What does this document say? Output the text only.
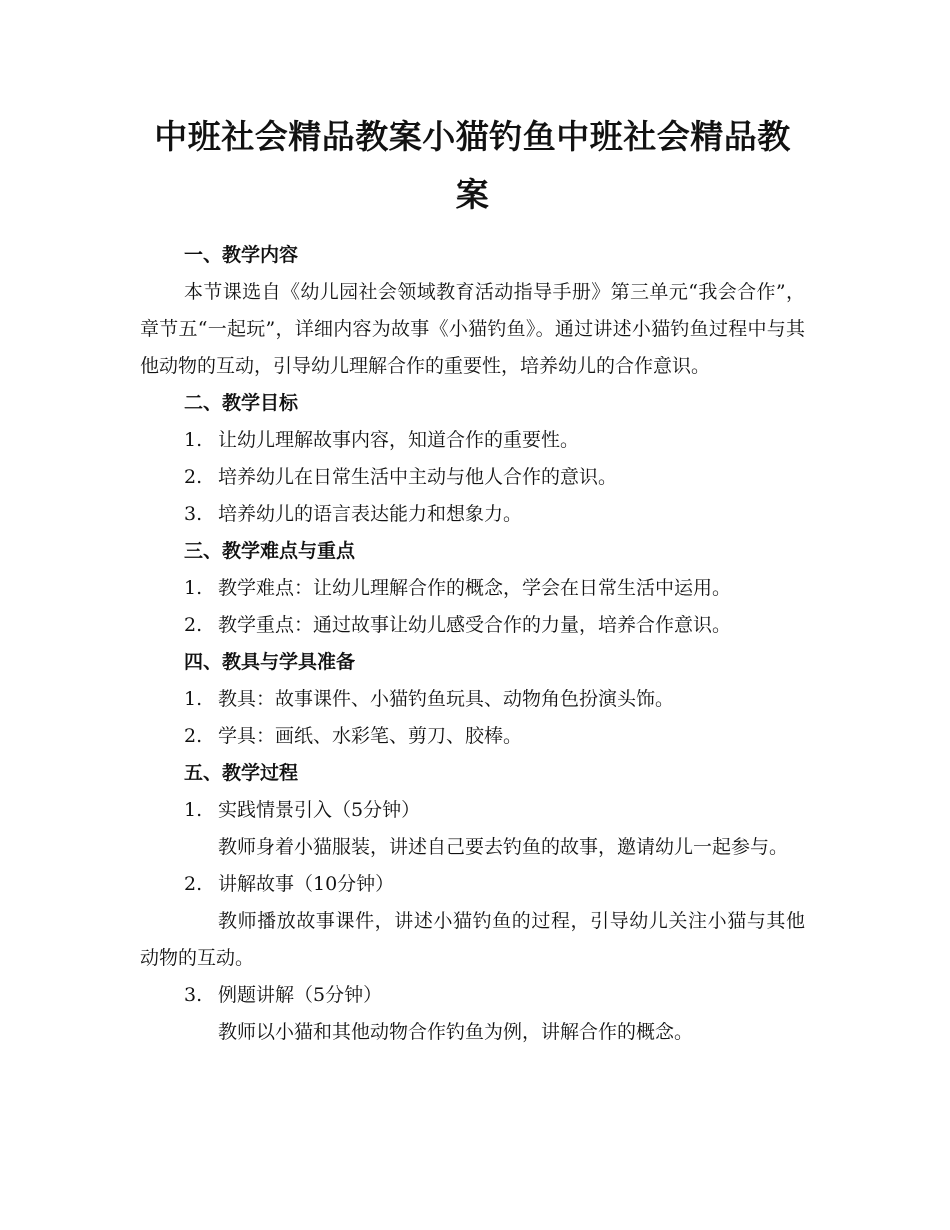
中班社会精品教案小猫钓鱼中班社会精品教案

一、教学内容

本节课选自《幼儿园社会领域教育活动指导手册》第三单元“我会合作”，章节五“一起玩”，详细内容为故事《小猫钓鱼》。通过讲述小猫钓鱼过程中与其他动物的互动，引导幼儿理解合作的重要性，培养幼儿的合作意识。

二、教学目标

1. 让幼儿理解故事内容，知道合作的重要性。

2. 培养幼儿在日常生活中主动与他人合作的意识。

3. 培养幼儿的语言表达能力和想象力。

三、教学难点与重点

1. 教学难点：让幼儿理解合作的概念，学会在日常生活中运用。

2. 教学重点：通过故事让幼儿感受合作的力量，培养合作意识。

四、教具与学具准备

1. 教具：故事课件、小猫钓鱼玩具、动物角色扮演头饰。

2. 学具：画纸、水彩笔、剪刀、胶棒。

五、教学过程

1. 实践情景引入（5分钟）

教师身着小猫服装，讲述自己要去钓鱼的故事，邀请幼儿一起参与。

2. 讲解故事（10分钟）

教师播放故事课件，讲述小猫钓鱼的过程，引导幼儿关注小猫与其他动物的互动。

3. 例题讲解（5分钟）

教师以小猫和其他动物合作钓鱼为例，讲解合作的概念。
